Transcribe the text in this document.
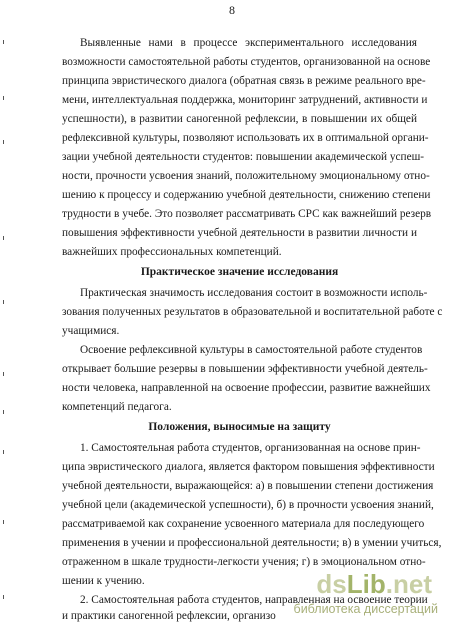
8
Выявленные нами в процессе экспериментального исследования
возможности самостоятельной работы студентов, организованной на основе
принципа эвристического диалога (обратная связь в режиме реального вре-
мени, интеллектуальная поддержка, мониторинг затруднений, активности и
успешности), в развитии саногенной рефлексии, в повышении их общей
рефлексивной культуры, позволяют использовать их в оптимальной органи-
зации учебной деятельности студентов: повышении академической успеш-
ности, прочности усвоения знаний, положительному эмоциональному отно-
шению к процессу и содержанию учебной деятельности, снижению степени
трудности в учебе. Это позволяет рассматривать СРС как важнейший резерв
повышения эффективности учебной деятельности в развитии личности и
важнейших профессиональных компетенций.
Практическое значение исследования
Практическая значимость исследования состоит в возможности исполь-
зования полученных результатов в образовательной и воспитательной работе с
учащимися.
Освоение рефлексивной культуры в самостоятельной работе студентов
открывает большие резервы в повышении эффективности учебной деятель-
ности человека, направленной на освоение профессии, развитие важнейших
компетенций педагога.
Положения, выносимые на защиту
1. Самостоятельная работа студентов, организованная на основе прин-
ципа эвристического диалога, является фактором повышения эффективности
учебной деятельности, выражающейся: а) в повышении степени достижения
учебной цели (академической успешности), б) в прочности усвоения знаний,
рассматриваемой как сохранение усвоенного материала для последующего
применения в учении и профессиональной деятельности; в) в умении учиться,
отраженном в шкале трудности-легкости учения; г) в эмоциональном отно-
шении к учению.
2. Самостоятельная работа студентов, направленная на освоение теории
и практики саногенной рефлексии, организо
dsLib.net
библиотека диссертаций
